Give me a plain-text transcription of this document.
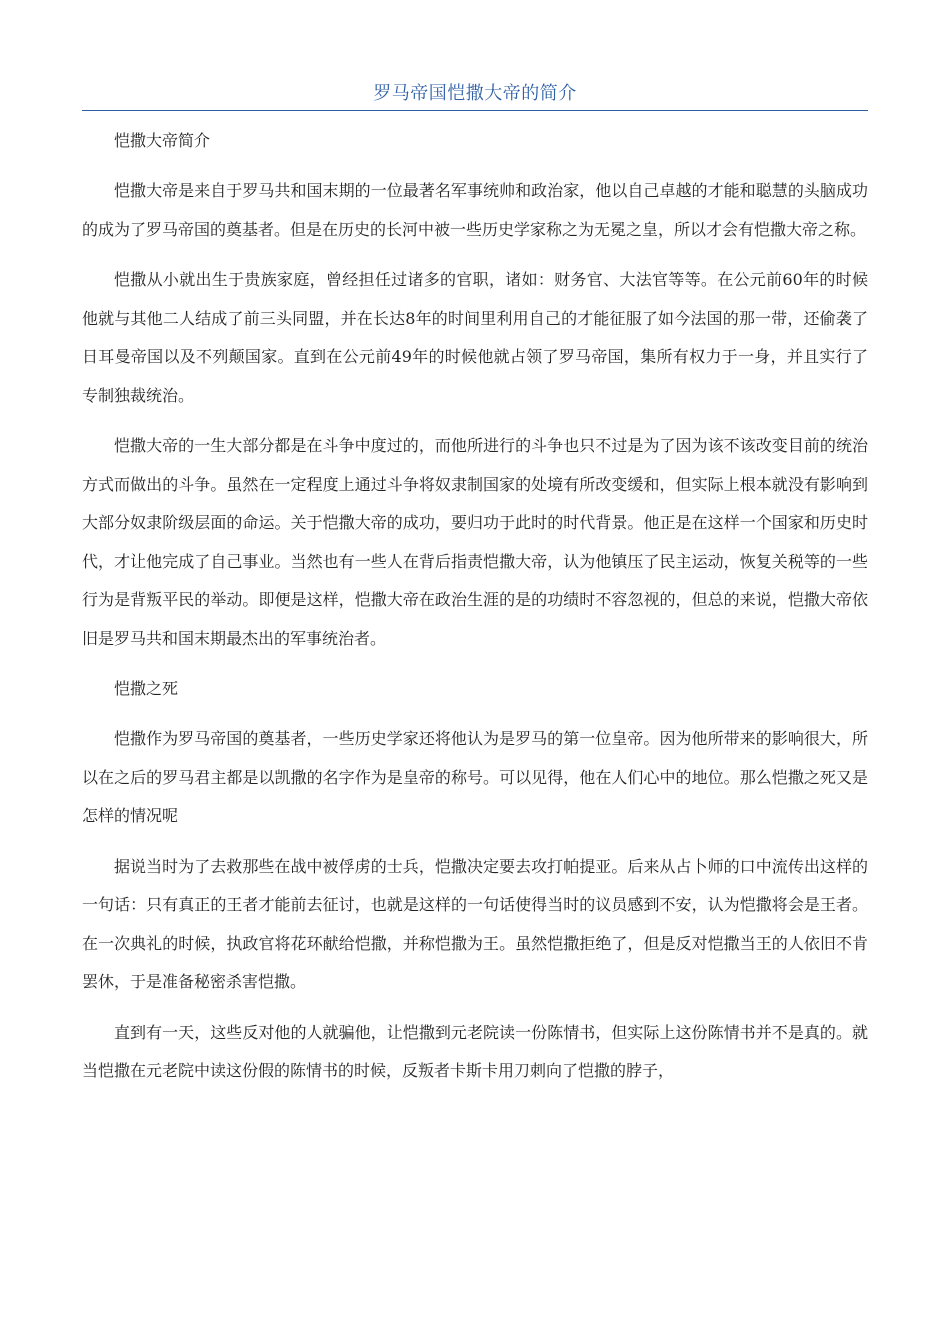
罗马帝国恺撒大帝的简介

恺撒大帝简介

恺撒大帝是来自于罗马共和国末期的一位最著名军事统帅和政治家，他以自己卓越的才能和聪慧的头脑成功的成为了罗马帝国的奠基者。但是在历史的长河中被一些历史学家称之为无冕之皇，所以才会有恺撒大帝之称。

恺撒从小就出生于贵族家庭，曾经担任过诸多的官职，诸如：财务官、大法官等等。在公元前60年的时候他就与其他二人结成了前三头同盟，并在长达8年的时间里利用自己的才能征服了如今法国的那一带，还偷袭了日耳曼帝国以及不列颠国家。直到在公元前49年的时候他就占领了罗马帝国，集所有权力于一身，并且实行了专制独裁统治。

恺撒大帝的一生大部分都是在斗争中度过的，而他所进行的斗争也只不过是为了因为该不该改变目前的统治方式而做出的斗争。虽然在一定程度上通过斗争将奴隶制国家的处境有所改变缓和，但实际上根本就没有影响到大部分奴隶阶级层面的命运。关于恺撒大帝的成功，要归功于此时的时代背景。他正是在这样一个国家和历史时代，才让他完成了自己事业。当然也有一些人在背后指责恺撒大帝，认为他镇压了民主运动，恢复关税等的一些行为是背叛平民的举动。即便是这样，恺撒大帝在政治生涯的是的功绩时不容忽视的，但总的来说，恺撒大帝依旧是罗马共和国末期最杰出的军事统治者。

恺撒之死

恺撒作为罗马帝国的奠基者，一些历史学家还将他认为是罗马的第一位皇帝。因为他所带来的影响很大，所以在之后的罗马君主都是以凯撒的名字作为是皇帝的称号。可以见得，他在人们心中的地位。那么恺撒之死又是怎样的情况呢

据说当时为了去救那些在战中被俘虏的士兵，恺撒决定要去攻打帕提亚。后来从占卜师的口中流传出这样的一句话：只有真正的王者才能前去征讨，也就是这样的一句话使得当时的议员感到不安，认为恺撒将会是王者。在一次典礼的时候，执政官将花环献给恺撒，并称恺撒为王。虽然恺撒拒绝了，但是反对恺撒当王的人依旧不肯罢休，于是准备秘密杀害恺撒。

直到有一天，这些反对他的人就骗他，让恺撒到元老院读一份陈情书，但实际上这份陈情书并不是真的。就当恺撒在元老院中读这份假的陈情书的时候，反叛者卡斯卡用刀刺向了恺撒的脖子，
